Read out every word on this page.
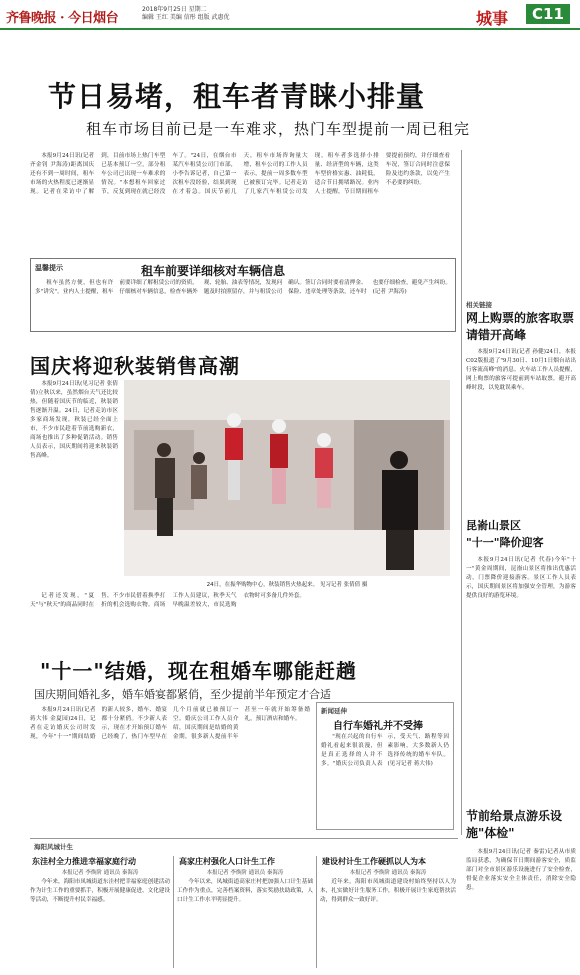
齐鲁晚报 · 今日烟台
2018年9月25日 星期二
编辑 王红 美编 信彤 组版 武惠优	城事	C11
节日易堵，租车者青睐小排量
租车市场目前已是一车难求，热门车型提前一周已租完

本报9月24日讯(记者 齐金钊 尹海涛)距离国庆还有不到一周时间，租车市场的火热程度已逐渐显现。记者在采访中了解到，目前市场上热门车型已基本预订一空，部分租车公司已出现一车难求的情况。"本想租车回家过节，反复到现在就已经没车了。"24日，在烟台市某汽车租赁公司门市部，小李告诉记者，自己第一次租车没经验，结果到现在才着急。国庆节前几天，租车市场咨询量大增，租车公司的工作人员表示，提前一周多数车型已被预订完毕。记者走访了几家汽车租赁公司发现，租车者多选择小排量、经济型的车辆，这类车型价格实惠、油耗低，适合节日拥堵路况。业内人士提醒，节日期间租车要提前预约，并仔细查看车况，签订合同时注意保险及违约条款，以免产生不必要的纠纷。

温馨提示	租车前要详细核对车辆信息

租车虽然方便，但也有许多"讲究"。业内人士提醒，租车前要详细了解租赁公司的资质，仔细核对车辆信息，检查车辆外观、轮胎、油表等情况，发现问题及时拍照留存，并与租赁公司确认。签订合同时要看清押金、保险、违章处理等条款，还车时也要仔细检查，避免产生纠纷。(记者 尹海涛)

国庆将迎秋装销售高潮

本报9月24日讯(见习记者 张倩倩)立秋以来，虽然烟台天气还比较热，但随着国庆节的临近，秋装销售逐渐升温。24日，记者走访市区多家商场发现，秋装已经全面上市，不少市民趁着节前选购新衣，商场也推出了多种促销活动。销售人员表示，国庆期间将迎来秋装销售高峰。

24日，在振华购物中心，秋装销售火热起来。 见习记者 张倩倩 摄

记者还发现，"夏天"与"秋天"的商品同时在售，不少市民借着换季打折的机会选购衣物。商场工作人员建议，秋季天气早晚温差较大，市民选购衣物时可多备几件外套。

"十一"结婚，现在租婚车哪能赶趟
国庆期间婚礼多，婚车婚宴都紧俏，至少提前半年预定才合适

本报9月24日讯(记者 蒋大伟 金夏园)24日，记者在走访婚庆公司时发现，今年"十一"期间结婚的新人较多，婚车、婚宴都十分紧俏。不少新人表示，现在才开始预订婚车已经晚了，热门车型早在几个月前就已被预订一空。婚庆公司工作人员介绍，国庆期间是结婚的黄金期，很多新人提前半年甚至一年就开始筹备婚礼，预订酒店和婚车。

新闻延伸
自行车婚礼并不受捧

"现在兴起的自行车婚礼看起来很浪漫，但是真正选择的人并不多。"婚庆公司负责人表示，受天气、路程等因素影响，大多数新人仍选择传统的婚车车队。(见习记者 蒋大伟)

相关链接
网上购票的旅客取票请错开高峰

本报9月24日讯(记者 孙健)24日，本报C02版报道了"9月30日、10月1日烟台站出行客流高峰"的消息。火车站工作人员提醒，网上购票的旅客可提前到车站取票，避开高峰时段，以免耽误乘车。

昆嵛山景区
"十一"降价迎客

本报9月24日讯(记者 代春)今年"十一"黄金周期间，昆嵛山景区将推出优惠活动，门票降价迎接游客。景区工作人员表示，国庆期间景区将加强安全管理，为游客提供良好的游览环境。

节前给景点游乐设施"体检"

本报9月24日讯(记者 秦雷)记者从市质监局获悉，为确保节日期间游客安全，质监部门对全市景区游乐设施进行了安全检查，督促企业落实安全主体责任，消除安全隐患。

海阳风城计生
东洼村全力推进幸福家庭行动
本报记者 李焕阶 通讯员 秦海涛

今年来，海阳市凤城街道东洼村把幸福家庭创建活动作为计生工作的重要抓手，积极开展健康促进、文化建设等活动，不断提升村民幸福感。

高家庄村强化人口计生工作
本报记者 李焕阶 通讯员 秦海涛

今年以来，凤城街道高家庄村把加强人口计生基础工作作为重点，完善档案资料，落实奖励扶助政策，人口计生工作水平明显提升。

建设村计生工作硬抓以人为本
本报记者 李焕阶 通讯员 秦海涛

近年来，海阳市凤城街道建设村始终坚持以人为本，扎实做好计生服务工作，积极开展计生家庭帮扶活动，得到群众一致好评。
